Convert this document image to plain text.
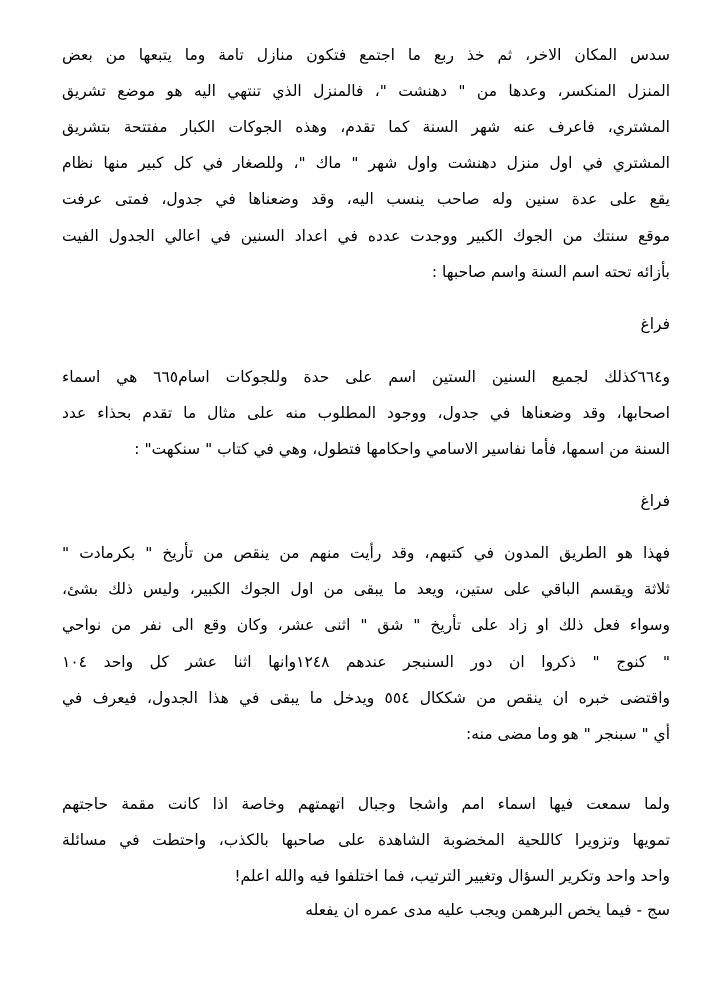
سدس المكان الاخر، ثم خذ ربع ما اجتمع فتكون منازل تامة وما يتبعها من بعض
المنزل المنكسر، وعدها من " دهنشت "، فالمنزل الذي تنتهي اليه هو موضع تشريق
المشتري، فاعرف عنه شهر السنة كما تقدم، وهذه الجوكات الكبار مفتتحة بتشريق
المشتري في اول منزل دهنشت واول شهر " ماك "، وللصغار في كل كبير منها نظام
يقع على عدة سنين وله صاحب ينسب اليه، وقد وضعناها في جدول، فمتى عرفت
موقع سنتك من الجوك الكبير ووجدت عدده في اعداد السنين في اعالي الجدول الفيت
بأزائه تحته اسم السنة واسم صاحبها :
فراغ
و٦٦٤كذلك لجميع السنين الستين اسم على حدة وللجوكات اسام٦٦٥ هي اسماء
اصحابها، وقد وضعناها في جدول، ووجود المطلوب منه على مثال ما تقدم بحذاء عدد
السنة من اسمها، فأما نفاسير الاسامي واحكامها فتطول، وهي في كتاب " سنكهت" :
فراغ
فهذا هو الطريق المدون في كتبهم، وقد رأيت منهم من ينقص من تأريخ " بكرمادت "
ثلاثة ويقسم الباقي على ستين، ويعد ما يبقى من اول الجوك الكبير، وليس ذلك بشئ،
وسواء فعل ذلك او زاد على تأريخ " شق " اثنى عشر، وكان وقع الى نفر من نواحي
" كنوج " ذكروا ان دور السنبجر عندهم ١٢٤٨وانها اثنا عشر كل واحد ١٠٤
واقتضى خبره ان ينقص من شككال ٥٥٤ ويدخل ما يبقى في هذا الجدول، فيعرف في
أي " سبنجر " هو وما مضى منه:
ولما سمعت فيها اسماء امم واشجا وجبال اتهمتهم وخاصة اذا كانت مقمة حاجتهم
تمويها وتزويرا كاللحية المخضوبة الشاهدة على صاحبها بالكذب، واحتطت في مسائلة
واحد واحد وتكرير السؤال وتغيير الترتيب، فما اختلفوا فيه والله اعلم!
سج - فيما يخص البرهمن ويجب عليه مدى عمره ان يفعله
